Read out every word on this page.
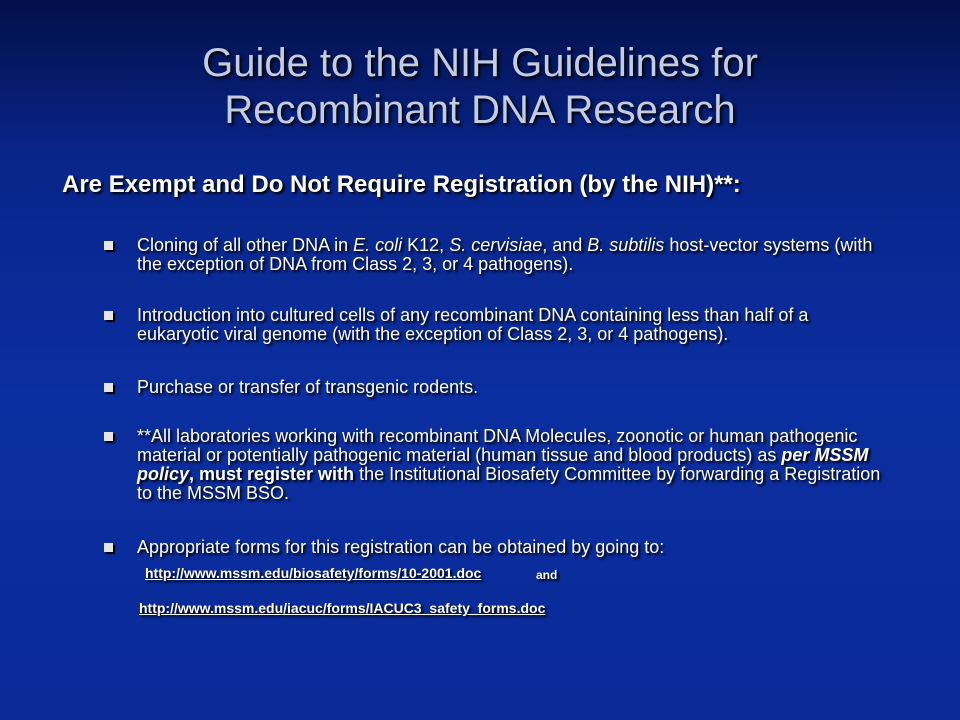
Guide to the NIH Guidelines for
Recombinant DNA Research
Are Exempt and Do Not Require Registration (by the NIH)**:
Cloning of all other DNA in E. coli K12, S. cervisiae, and B. subtilis host-vector systems (with the exception of DNA from Class 2, 3, or 4 pathogens).
Introduction into cultured cells of any recombinant DNA containing less than half of a eukaryotic viral genome (with the exception of Class 2, 3, or 4 pathogens).
Purchase or transfer of transgenic rodents.
**All laboratories working with recombinant DNA Molecules, zoonotic or human pathogenic material or potentially pathogenic material (human tissue and blood products) as per MSSM policy, must register with the Institutional Biosafety Committee by forwarding a Registration to the MSSM BSO.
Appropriate forms for this registration can be obtained by going to:
http://www.mssm.edu/biosafety/forms/10-2001.doc	and
http://www.mssm.edu/iacuc/forms/IACUC3_safety_forms.doc
